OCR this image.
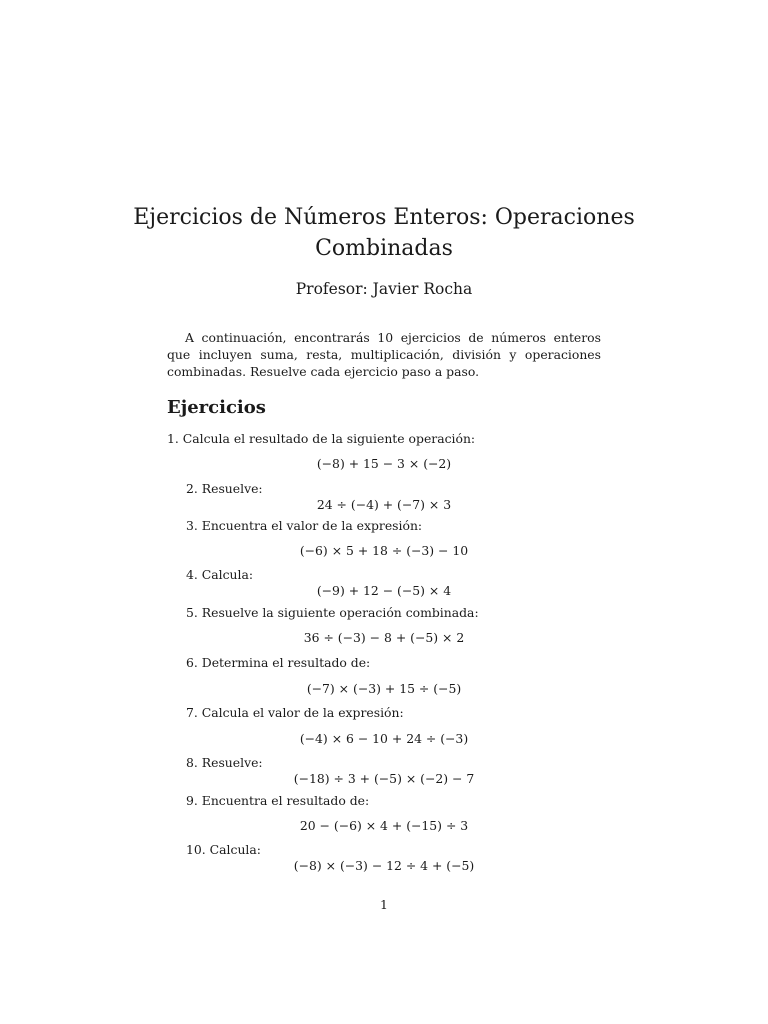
Ejercicios de Números Enteros: Operaciones
Combinadas
Profesor: Javier Rocha

A continuación, encontrarás 10 ejercicios de números enteros que incluyen suma, resta, multiplicación, división y operaciones combinadas. Resuelve cada ejercicio paso a paso.

Ejercicios
1. Calcula el resultado de la siguiente operación:
(−8) + 15 − 3 × (−2)
2. Resuelve:
24 ÷ (−4) + (−7) × 3
3. Encuentra el valor de la expresión:
(−6) × 5 + 18 ÷ (−3) − 10
4. Calcula:
(−9) + 12 − (−5) × 4
5. Resuelve la siguiente operación combinada:
36 ÷ (−3) − 8 + (−5) × 2
6. Determina el resultado de:
(−7) × (−3) + 15 ÷ (−5)
7. Calcula el valor de la expresión:
(−4) × 6 − 10 + 24 ÷ (−3)
8. Resuelve:
(−18) ÷ 3 + (−5) × (−2) − 7
9. Encuentra el resultado de:
20 − (−6) × 4 + (−15) ÷ 3
10. Calcula:
(−8) × (−3) − 12 ÷ 4 + (−5)
1
